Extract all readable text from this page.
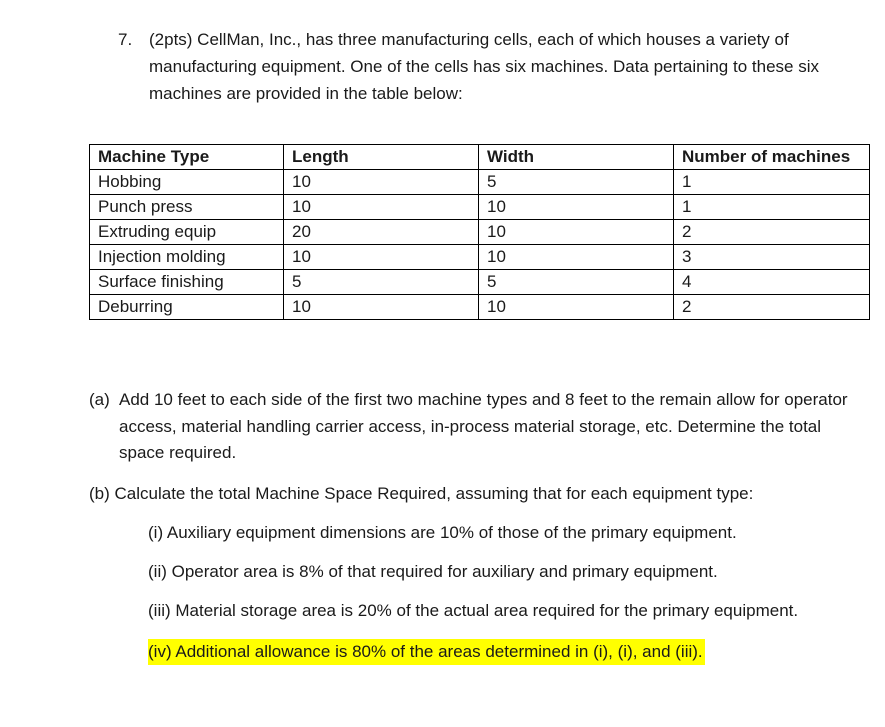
7. (2pts) CellMan, Inc., has three manufacturing cells, each of which houses a variety of manufacturing equipment. One of the cells has six machines. Data pertaining to these six machines are provided in the table below:
Machine Type	Length	Width	Number of machines
Hobbing	10	5	1
Punch press	10	10	1
Extruding equip	20	10	2
Injection molding	10	10	3
Surface finishing	5	5	4
Deburring	10	10	2
(a) Add 10 feet to each side of the first two machine types and 8 feet to the remain allow for operator access, material handling carrier access, in-process material storage, etc. Determine the total space required.
(b) Calculate the total Machine Space Required, assuming that for each equipment type:
(i) Auxiliary equipment dimensions are 10% of those of the primary equipment.
(ii) Operator area is 8% of that required for auxiliary and primary equipment.
(iii) Material storage area is 20% of the actual area required for the primary equipment.
(iv) Additional allowance is 80% of the areas determined in (i), (i), and (iii).
